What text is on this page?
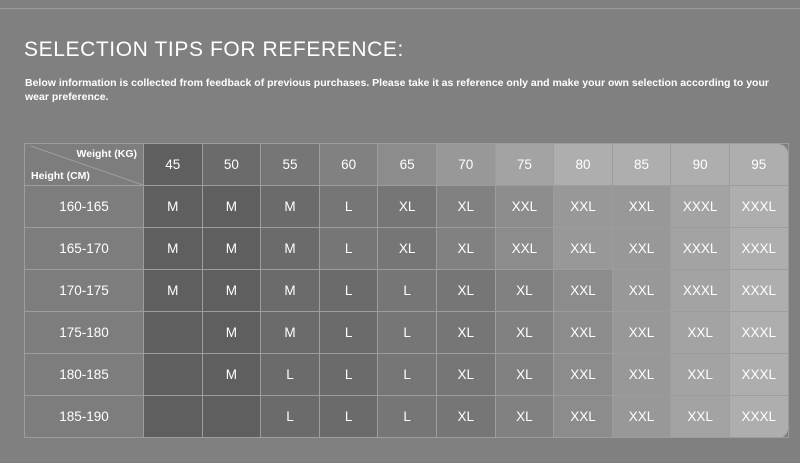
SELECTION TIPS FOR REFERENCE:
Below information is collected from feedback of previous purchases. Please take it as reference only and make your own selection according to your wear preference.
Weight (KG)
Height (CM)	45	50	55	60	65	70	75	80	85	90	95
160-165	M	M	M	L	XL	XL	XXL	XXL	XXL	XXXL	XXXL
165-170	M	M	M	L	XL	XL	XXL	XXL	XXL	XXXL	XXXL
170-175	M	M	M	L	L	XL	XL	XXL	XXL	XXXL	XXXL
175-180		M	M	L	L	XL	XL	XXL	XXL	XXL	XXXL
180-185		M	L	L	L	XL	XL	XXL	XXL	XXL	XXXL
185-190			L	L	L	XL	XL	XXL	XXL	XXL	XXXL
